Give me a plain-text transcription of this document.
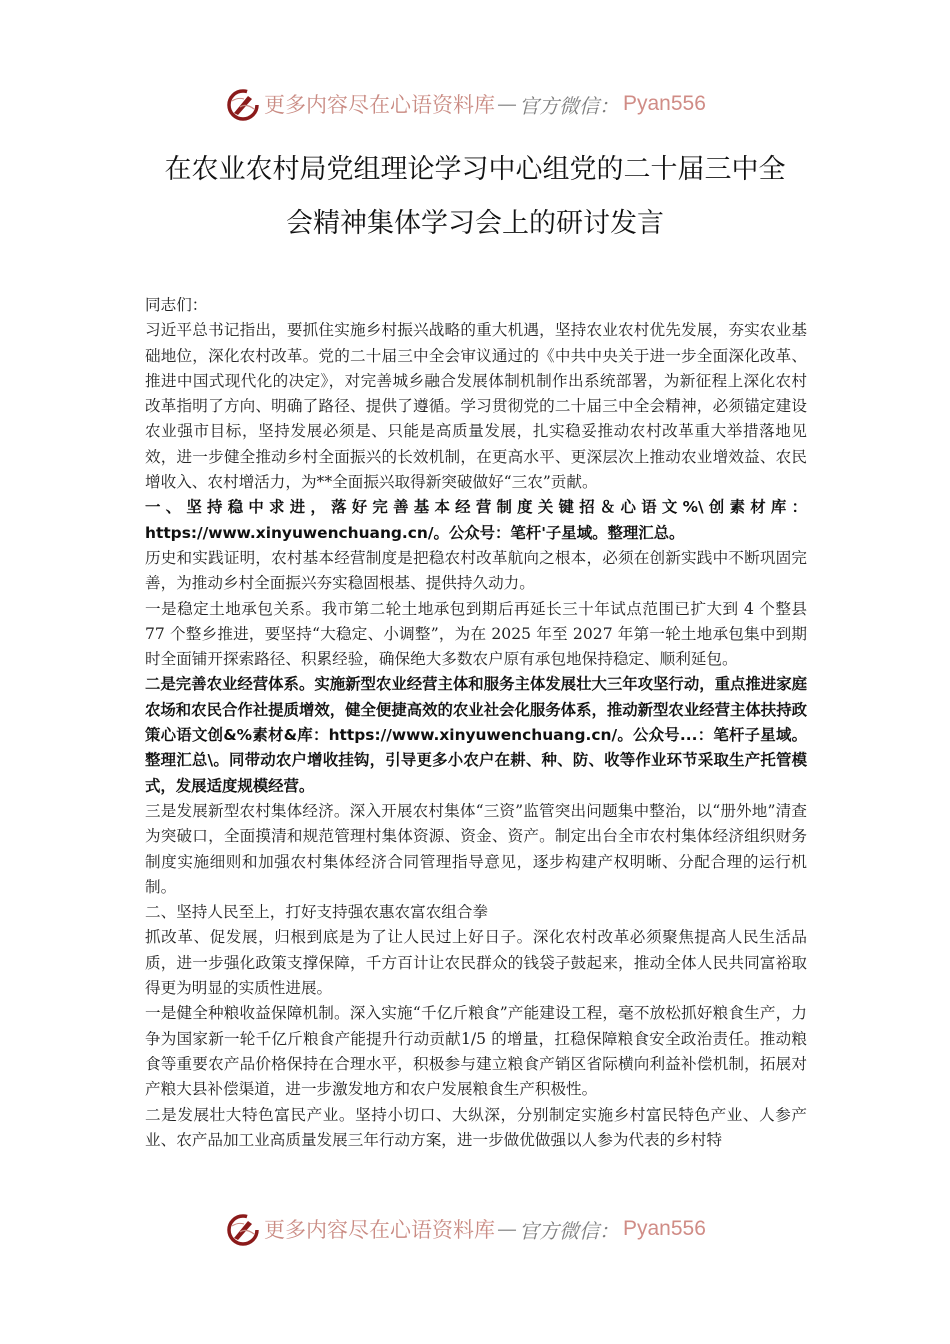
更多内容尽在心语资料库 — 官方微信： Pyan556
在农业农村局党组理论学习中心组党的二十届三中全
会精神集体学习会上的研讨发言

同志们：

习近平总书记指出，要抓住实施乡村振兴战略的重大机遇，坚持农业农村优先发展，夯实农业基础地位，深化农村改革。党的二十届三中全会审议通过的《中共中央关于进一步全面深化改革、推进中国式现代化的决定》，对完善城乡融合发展体制机制作出系统部署，为新征程上深化农村改革指明了方向、明确了路径、提供了遵循。学习贯彻党的二十届三中全会精神，必须锚定建设农业强市目标，坚持发展必须是、只能是高质量发展，扎实稳妥推动农村改革重大举措落地见效，进一步健全推动乡村全面振兴的长效机制，在更高水平、更深层次上推动农业增效益、农民增收入、农村增活力，为**全面振兴取得新突破做好“三农”贡献。

一、坚持稳中求进，落好完善基本经营制度关键招＆心语文%\创素材库：https://www.xinyuwenchuang.cn/。公众号：笔杆'子星域。整理汇总。

历史和实践证明，农村基本经营制度是把稳农村改革航向之根本，必须在创新实践中不断巩固完善，为推动乡村全面振兴夯实稳固根基、提供持久动力。

一是稳定土地承包关系。我市第二轮土地承包到期后再延长三十年试点范围已扩大到 4 个整县 77 个整乡推进，要坚持“大稳定、小调整”，为在 2025 年至 2027 年第一轮土地承包集中到期时全面铺开探索路径、积累经验，确保绝大多数农户原有承包地保持稳定、顺利延包。

二是完善农业经营体系。实施新型农业经营主体和服务主体发展壮大三年攻坚行动，重点推进家庭农场和农民合作社提质增效，健全便捷高效的农业社会化服务体系，推动新型农业经营主体扶持政策心语文创&%素材&库：https://www.xinyuwenchuang.cn/。公众号...：笔杆子星域。整理汇总\。同带动农户增收挂钩，引导更多小农户在耕、种、防、收等作业环节采取生产托管模式，发展适度规模经营。

三是发展新型农村集体经济。深入开展农村集体“三资”监管突出问题集中整治，以“册外地”清查为突破口，全面摸清和规范管理村集体资源、资金、资产。制定出台全市农村集体经济组织财务制度实施细则和加强农村集体经济合同管理指导意见，逐步构建产权明晰、分配合理的运行机制。

二、坚持人民至上，打好支持强农惠农富农组合拳

抓改革、促发展，归根到底是为了让人民过上好日子。深化农村改革必须聚焦提高人民生活品质，进一步强化政策支撑保障，千方百计让农民群众的钱袋子鼓起来，推动全体人民共同富裕取得更为明显的实质性进展。

一是健全种粮收益保障机制。深入实施“千亿斤粮食”产能建设工程，毫不放松抓好粮食生产，力争为国家新一轮千亿斤粮食产能提升行动贡献1/5 的增量，扛稳保障粮食安全政治责任。推动粮食等重要农产品价格保持在合理水平，积极参与建立粮食产销区省际横向利益补偿机制，拓展对产粮大县补偿渠道，进一步激发地方和农户发展粮食生产积极性。

二是发展壮大特色富民产业。坚持小切口、大纵深，分别制定实施乡村富民特色产业、人参产业、农产品加工业高质量发展三年行动方案，进一步做优做强以人参为代表的乡村特

更多内容尽在心语资料库 — 官方微信： Pyan556
